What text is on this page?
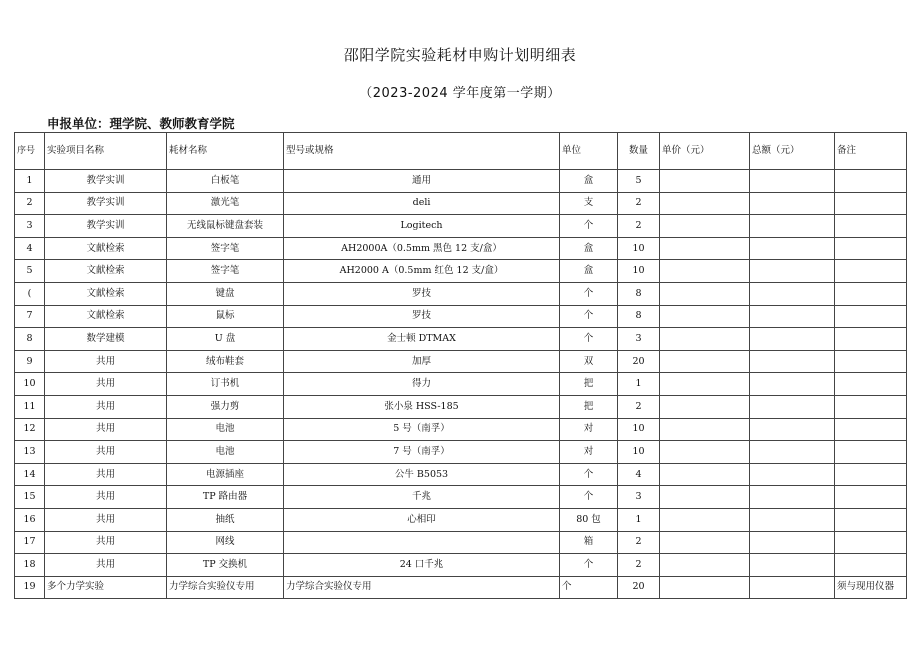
邵阳学院实验耗材申购计划明细表
（2023-2024 学年度第一学期）
申报单位：理学院、教师教育学院
序号	实验项目名称	耗材名称	型号或规格	单位	数量	单价（元）	总额（元）	备注
1	教学实训	白板笔	通用	盒	5			
2	教学实训	激光笔	deli	支	2			
3	教学实训	无线鼠标键盘套装	Logitech	个	2			
4	文献检索	签字笔	AH2000A（0.5mm 黑色 12 支/盒）	盒	10			
5	文献检索	签字笔	AH2000 A（0.5mm 红色 12 支/盒）	盒	10			
(	文献检索	键盘	罗技	个	8			
7	文献检索	鼠标	罗技	个	8			
8	数学建模	U 盘	金士顿 DTMAX	个	3			
9	共用	绒布鞋套	加厚	双	20			
10	共用	订书机	得力	把	1			
11	共用	强力剪	张小泉 HSS-185	把	2			
12	共用	电池	5 号（南孚）	对	10			
13	共用	电池	7 号（南孚）	对	10			
14	共用	电源插座	公牛 B5053	个	4			
15	共用	TP 路由器	千兆	个	3			
16	共用	抽纸	心相印	80 包	1			
17	共用	网线		箱	2			
18	共用	TP 交换机	24 口千兆	个	2			
19	多个力学实验	力学综合实验仪专用	力学综合实验仪专用	个	20			须与现用仪器
